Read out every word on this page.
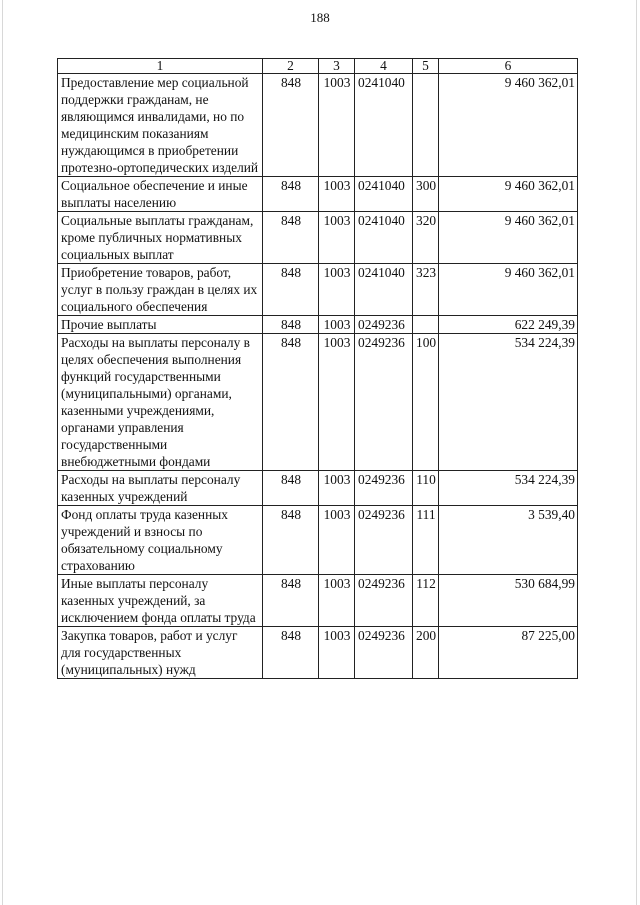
188
1	2	3	4	5	6
Предоставление мер социальной поддержки гражданам, не являющимся инвалидами, но по медицинским показаниям нуждающимся в приобретении протезно-ортопедических изделий	848	1003	0241040		9 460 362,01
Социальное обеспечение и иные выплаты населению	848	1003	0241040	300	9 460 362,01
Социальные выплаты гражданам, кроме публичных нормативных социальных выплат	848	1003	0241040	320	9 460 362,01
Приобретение товаров, работ, услуг в пользу граждан в целях их социального обеспечения	848	1003	0241040	323	9 460 362,01
Прочие выплаты	848	1003	0249236		622 249,39
Расходы на выплаты персоналу в целях обеспечения выполнения функций государственными (муниципальными) органами, казенными учреждениями, органами управления государственными внебюджетными фондами	848	1003	0249236	100	534 224,39
Расходы на выплаты персоналу казенных учреждений	848	1003	0249236	110	534 224,39
Фонд оплаты труда казенных учреждений и взносы по обязательному социальному страхованию	848	1003	0249236	111	3 539,40
Иные выплаты персоналу казенных учреждений, за исключением фонда оплаты труда	848	1003	0249236	112	530 684,99
Закупка товаров, работ и услуг для государственных (муниципальных) нужд	848	1003	0249236	200	87 225,00
